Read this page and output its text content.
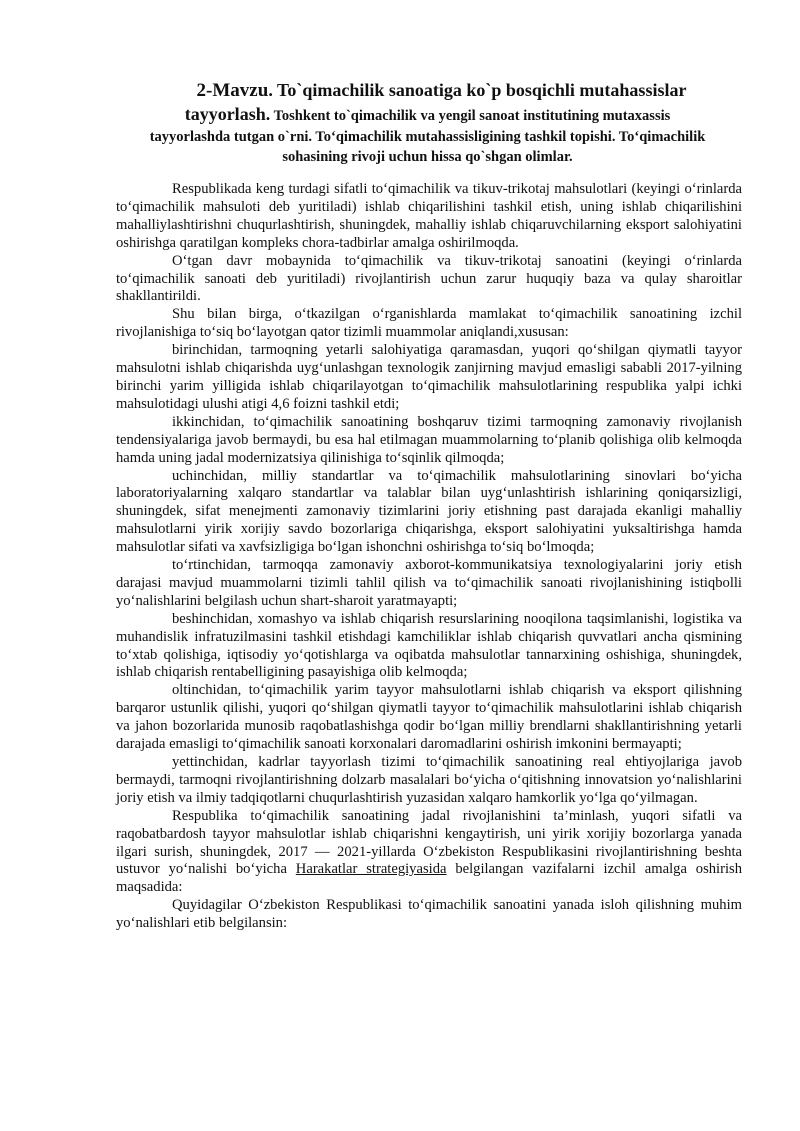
2-Mavzu. To`qimachilik sanoatiga ko`p bosqichli mutahassislar
tayyorlash. Toshkent to`qimachilik va yengil sanoat institutining mutaxassis
tayyorlashda tutgan o`rni. To‘qimachilik mutahassisligining tashkil topishi. To‘qimachilik
sohasining rivoji uchun hissa qo`shgan olimlar.

Respublikada keng turdagi sifatli to‘qimachilik va tikuv-trikotaj mahsulotlari (keyingi o‘rinlarda to‘qimachilik mahsuloti deb yuritiladi) ishlab chiqarilishini tashkil etish, uning ishlab chiqarilishini mahalliylashtirishni chuqurlashtirish, shuningdek, mahalliy ishlab chiqaruvchilarning eksport salohiyatini oshirishga qaratilgan kompleks chora-tadbirlar amalga oshirilmoqda.

O‘tgan davr mobaynida to‘qimachilik va tikuv-trikotaj sanoatini (keyingi o‘rinlarda to‘qimachilik sanoati deb yuritiladi) rivojlantirish uchun zarur huquqiy baza va qulay sharoitlar shakllantirildi.

Shu bilan birga, o‘tkazilgan o‘rganishlarda mamlakat to‘qimachilik sanoatining izchil rivojlanishiga to‘siq bo‘layotgan qator tizimli muammolar aniqlandi,xususan:

birinchidan, tarmoqning yetarli salohiyatiga qaramasdan, yuqori qo‘shilgan qiymatli tayyor mahsulotni ishlab chiqarishda uyg‘unlashgan texnologik zanjirning mavjud emasligi sababli 2017-yilning birinchi yarim yilligida ishlab chiqarilayotgan to‘qimachilik mahsulotlarining respublika yalpi ichki mahsulotidagi ulushi atigi 4,6 foizni tashkil etdi;

ikkinchidan, to‘qimachilik sanoatining boshqaruv tizimi tarmoqning zamonaviy rivojlanish tendensiyalariga javob bermaydi, bu esa hal etilmagan muammolarning to‘planib qolishiga olib kelmoqda hamda uning jadal modernizatsiya qilinishiga to‘sqinlik qilmoqda;

uchinchidan, milliy standartlar va to‘qimachilik mahsulotlarining sinovlari bo‘yicha laboratoriyalarning xalqaro standartlar va talablar bilan uyg‘unlashtirish ishlarining qoniqarsizligi, shuningdek, sifat menejmenti zamonaviy tizimlarini joriy etishning past darajada ekanligi mahalliy mahsulotlarni yirik xorijiy savdo bozorlariga chiqarishga, eksport salohiyatini yuksaltirishga hamda mahsulotlar sifati va xavfsizligiga bo‘lgan ishonchni oshirishga to‘siq bo‘lmoqda;

to‘rtinchidan, tarmoqqa zamonaviy axborot-kommunikatsiya texnologiyalarini joriy etish darajasi mavjud muammolarni tizimli tahlil qilish va to‘qimachilik sanoati rivojlanishining istiqbolli yo‘nalishlarini belgilash uchun shart-sharoit yaratmayapti;

beshinchidan, xomashyo va ishlab chiqarish resurslarining nooqilona taqsimlanishi, logistika va muhandislik infratuzilmasini tashkil etishdagi kamchiliklar ishlab chiqarish quvvatlari ancha qismining to‘xtab qolishiga, iqtisodiy yo‘qotishlarga va oqibatda mahsulotlar tannarxining oshishiga, shuningdek, ishlab chiqarish rentabelligining pasayishiga olib kelmoqda;

oltinchidan, to‘qimachilik yarim tayyor mahsulotlarni ishlab chiqarish va eksport qilishning barqaror ustunlik qilishi, yuqori qo‘shilgan qiymatli tayyor to‘qimachilik mahsulotlarini ishlab chiqarish va jahon bozorlarida munosib raqobatlashishga qodir bo‘lgan milliy brendlarni shakllantirishning yetarli darajada emasligi to‘qimachilik sanoati korxonalari daromadlarini oshirish imkonini bermayapti;

yettinchidan, kadrlar tayyorlash tizimi to‘qimachilik sanoatining real ehtiyojlariga javob bermaydi, tarmoqni rivojlantirishning dolzarb masalalari bo‘yicha o‘qitishning innovatsion yo‘nalishlarini joriy etish va ilmiy tadqiqotlarni chuqurlashtirish yuzasidan xalqaro hamkorlik yo‘lga qo‘yilmagan.

Respublika to‘qimachilik sanoatining jadal rivojlanishini ta’minlash, yuqori sifatli va raqobatbardosh tayyor mahsulotlar ishlab chiqarishni kengaytirish, uni yirik xorijiy bozorlarga yanada ilgari surish, shuningdek, 2017 — 2021-yillarda O‘zbekiston Respublikasini rivojlantirishning beshta ustuvor yo‘nalishi bo‘yicha Harakatlar strategiyasida belgilangan vazifalarni izchil amalga oshirish maqsadida:

Quyidagilar O‘zbekiston Respublikasi to‘qimachilik sanoatini yanada isloh qilishning muhim yo‘nalishlari etib belgilansin:
